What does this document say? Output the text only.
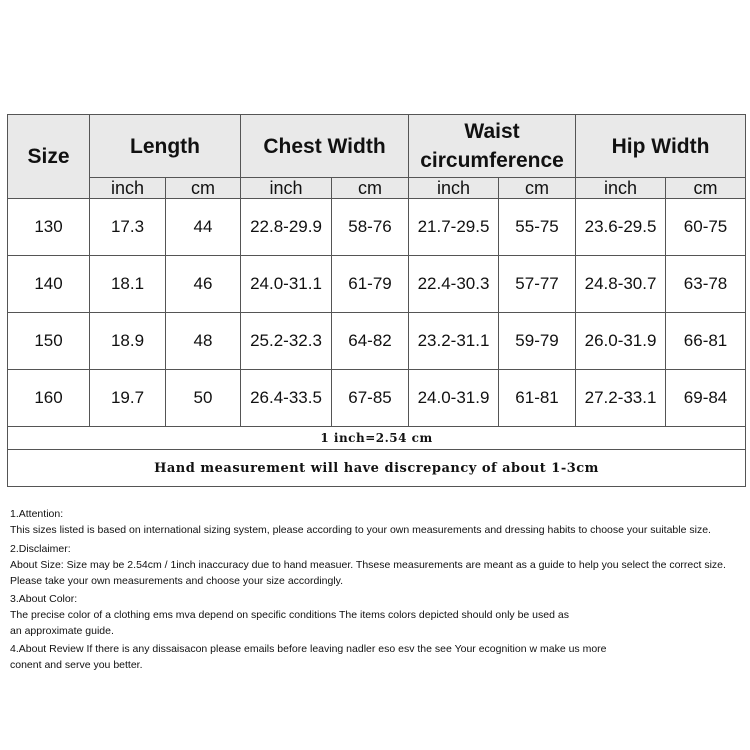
Size	Length		Chest Width		Waist circumference		Hip Width	
	inch	cm	inch	cm	inch	cm	inch	cm
130	17.3	44	22.8-29.9	58-76	21.7-29.5	55-75	23.6-29.5	60-75
140	18.1	46	24.0-31.1	61-79	22.4-30.3	57-77	24.8-30.7	63-78
150	18.9	48	25.2-32.3	64-82	23.2-31.1	59-79	26.0-31.9	66-81
160	19.7	50	26.4-33.5	67-85	24.0-31.9	61-81	27.2-33.1	69-84
1 inch=2.54 cm								
Hand measurement will have discrepancy of about 1-3cm								
1.Attention:
This sizes listed is based on international sizing system, please according to your own measurements and dressing habits to choose your suitable size.
2.Disclaimer:
About Size: Size may be 2.54cm / 1inch inaccuracy due to hand measuer. Thsese measurements are meant as a guide to help you select the correct size.
Please take your own measurements and choose your size accordingly.
3.About Color:
The precise color of a clothing ems mva depend on specific conditions The items colors depicted should only be used as
an approximate guide.
4.About Review If there is any dissaisacon please emails before leaving nadler eso esv the see Your ecognition w make us more
conent and serve you better.
